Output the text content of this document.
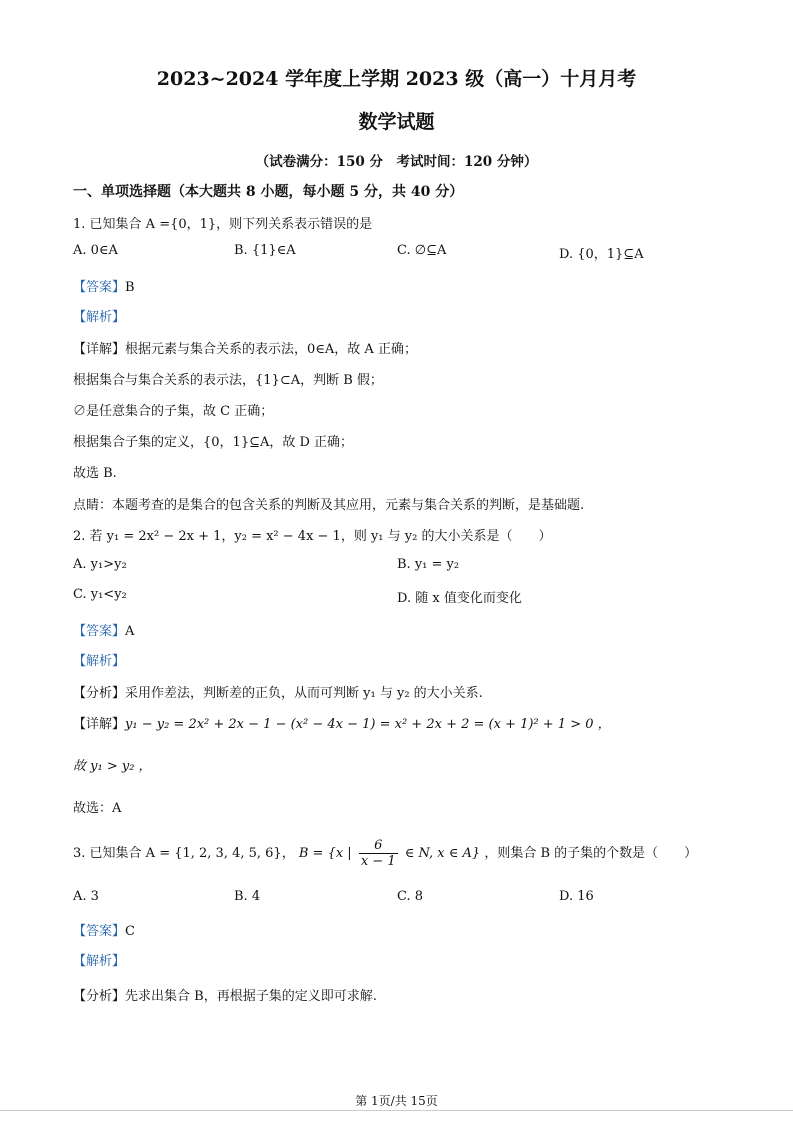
2023~2024 学年度上学期 2023 级（高一）十月月考
数学试题
（试卷满分：150 分　考试时间：120 分钟）
一、单项选择题（本大题共 8 小题，每小题 5 分，共 40 分）
1. 已知集合 A ={0，1}，则下列关系表示错误的是
A. 0∈A	B. {1}∈A	C. ∅⊆A	D. {0，1}⊆A
【答案】B
【解析】
【详解】根据元素与集合关系的表示法，0∈A，故 A 正确；
根据集合与集合关系的表示法，{1}⊂A，判断 B 假；
∅是任意集合的子集，故 C 正确；
根据集合子集的定义，{0，1}⊆A，故 D 正确；
故选 B.
点睛：本题考查的是集合的包含关系的判断及其应用，元素与集合关系的判断，是基础题.
2. 若 y₁ = 2x² − 2x + 1，y₂ = x² − 4x − 1，则 y₁ 与 y₂ 的大小关系是（　　）
A. y₁>y₂	B. y₁ = y₂
C. y₁<y₂	D. 随 x 值变化而变化
【答案】A
【解析】
【分析】采用作差法，判断差的正负，从而可判断 y₁ 与 y₂ 的大小关系.
【详解】y₁ − y₂ = 2x² + 2x − 1 − (x² − 4x − 1) = x² + 2x + 2 = (x + 1)² + 1 > 0 ，
故 y₁ > y₂ ，
故选：A
3. 已知集合 A = {1, 2, 3, 4, 5, 6}， B = {x | $\frac{6}{x - 1}$ ∈ N, x ∈ A} ，则集合 B 的子集的个数是（　　）
A. 3	B. 4	C. 8	D. 16
【答案】C
【解析】
【分析】先求出集合 B，再根据子集的定义即可求解.
第 1页/共 15页
